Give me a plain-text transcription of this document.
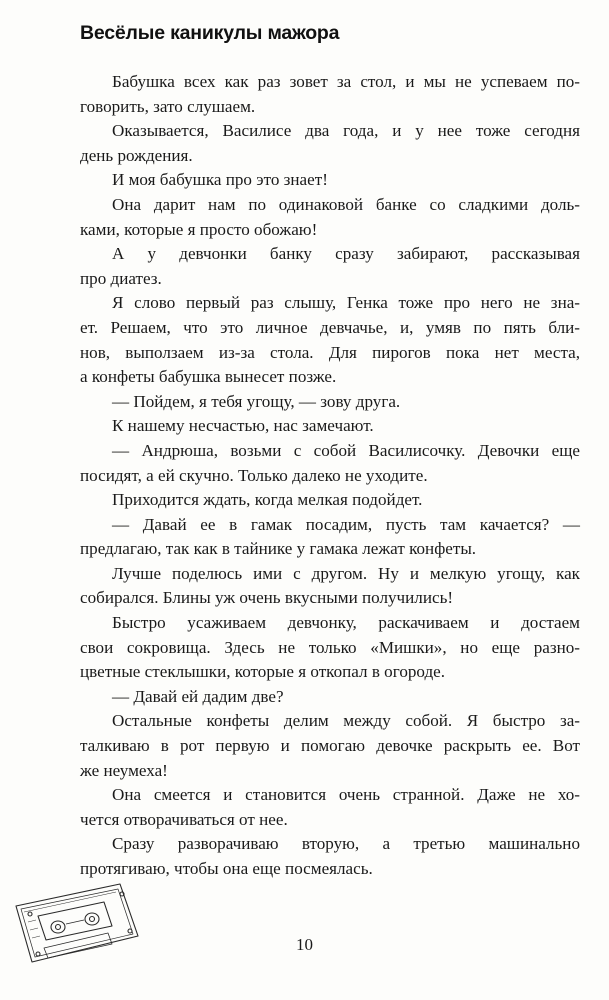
Весёлые каникулы мажора
Бабушка всех как раз зовет за стол, и мы не успеваем по-
говорить, зато слушаем.
Оказывается, Василисе два года, и у нее тоже сегодня
день рождения.
И моя бабушка про это знает!
Она дарит нам по одинаковой банке со сладкими доль-
ками, которые я просто обожаю!
А у девчонки банку сразу забирают, рассказывая
про диатез.
Я слово первый раз слышу, Генка тоже про него не зна-
ет. Решаем, что это личное девчачье, и, умяв по пять бли-
нов, выползаем из-за стола. Для пирогов пока нет места,
а конфеты бабушка вынесет позже.
— Пойдем, я тебя угощу, — зову друга.
К нашему несчастью, нас замечают.
— Андрюша, возьми с собой Василисочку. Девочки еще
посидят, а ей скучно. Только далеко не уходите.
Приходится ждать, когда мелкая подойдет.
— Давай ее в гамак посадим, пусть там качается? —
предлагаю, так как в тайнике у гамака лежат конфеты.
Лучше поделюсь ими с другом. Ну и мелкую угощу, как
собирался. Блины уж очень вкусными получились!
Быстро усаживаем девчонку, раскачиваем и достаем
свои сокровища. Здесь не только «Мишки», но еще разно-
цветные стеклышки, которые я откопал в огороде.
— Давай ей дадим две?
Остальные конфеты делим между собой. Я быстро за-
талкиваю в рот первую и помогаю девочке раскрыть ее. Вот
же неумеха!
Она смеется и становится очень странной. Даже не хо-
чется отворачиваться от нее.
Сразу разворачиваю вторую, а третью машинально
протягиваю, чтобы она еще посмеялась.
10
